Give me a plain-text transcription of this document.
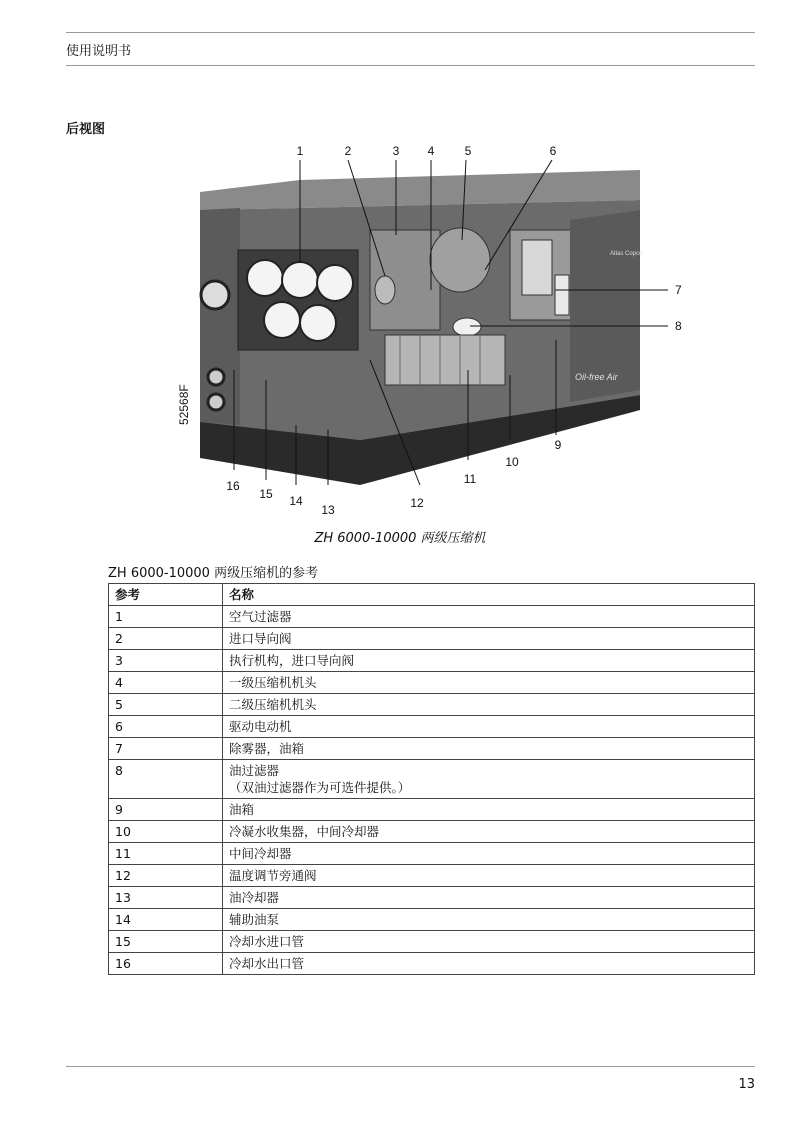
使用说明书
后视图
Atlas Copco
Oil-free Air
52568F
1	2	3 4	5	6
7
8
9
10
11
12
13
14
15
16
ZH 6000-10000 两级压缩机
ZH 6000-10000 两级压缩机的参考
参考	名称
1	空气过滤器
2	进口导向阀
3	执行机构，进口导向阀
4	一级压缩机机头
5	二级压缩机机头
6	驱动电动机
7	除雾器，油箱
8	油过滤器
（双油过滤器作为可选件提供。）

9	油箱
10	冷凝水收集器，中间冷却器
11	中间冷却器
12	温度调节旁通阀
13	油冷却器
14	辅助油泵
15	冷却水进口管
16	冷却水出口管
13
